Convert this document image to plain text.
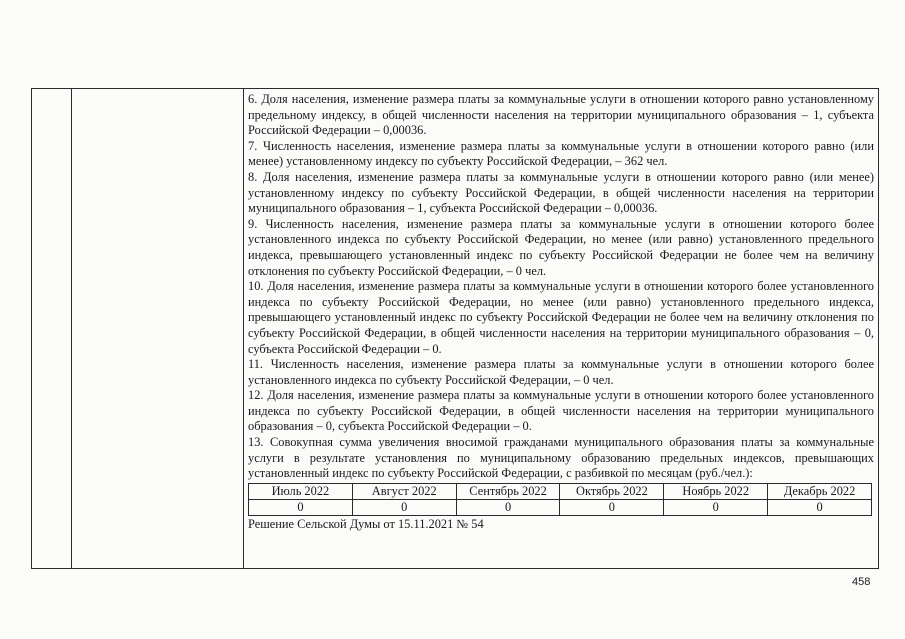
6. Доля населения, изменение размера платы за коммунальные услуги в отношении которого равно установленному предельному индексу, в общей численности населения на территории муниципального образования – 1, субъекта Российской Федерации – 0,00036.

7. Численность населения, изменение размера платы за коммунальные услуги в отношении которого равно (или менее) установленному индексу по субъекту Российской Федерации, – 362 чел.

8. Доля населения, изменение размера платы за коммунальные услуги в отношении которого равно (или менее) установленному индексу по субъекту Российской Федерации, в общей численности населения на территории муниципального образования – 1, субъекта Российской Федерации – 0,00036.

9. Численность населения, изменение размера платы за коммунальные услуги в отношении которого более установленного индекса по субъекту Российской Федерации, но менее (или равно) установленного предельного индекса, превышающего установленный индекс по субъекту Российской Федерации не более чем на величину отклонения по субъекту Российской Федерации, – 0 чел.

10. Доля населения, изменение размера платы за коммунальные услуги в отношении которого более установленного индекса по субъекту Российской Федерации, но менее (или равно) установленного предельного индекса, превышающего установленный индекс по субъекту Российской Федерации не более чем на величину отклонения по субъекту Российской Федерации, в общей численности населения на территории муниципального образования – 0, субъекта Российской Федерации – 0.

11. Численность населения, изменение размера платы за коммунальные услуги в отношении которого более установленного индекса по субъекту Российской Федерации, – 0 чел.

12. Доля населения, изменение размера платы за коммунальные услуги в отношении которого более установленного индекса по субъекту Российской Федерации, в общей численности населения на территории муниципального образования – 0, субъекта Российской Федерации – 0.

13. Совокупная сумма увеличения вносимой гражданами муниципального образования платы за коммунальные услуги в результате установления по муниципальному образованию предельных индексов, превышающих установленный индекс по субъекту Российской Федерации, с разбивкой по месяцам (руб./чел.):

Июль 2022	Август 2022	Сентябрь 2022	Октябрь 2022	Ноябрь 2022	Декабрь 2022
0	0	0	0	0	0
Решение Сельской Думы от 15.11.2021 № 54
458
